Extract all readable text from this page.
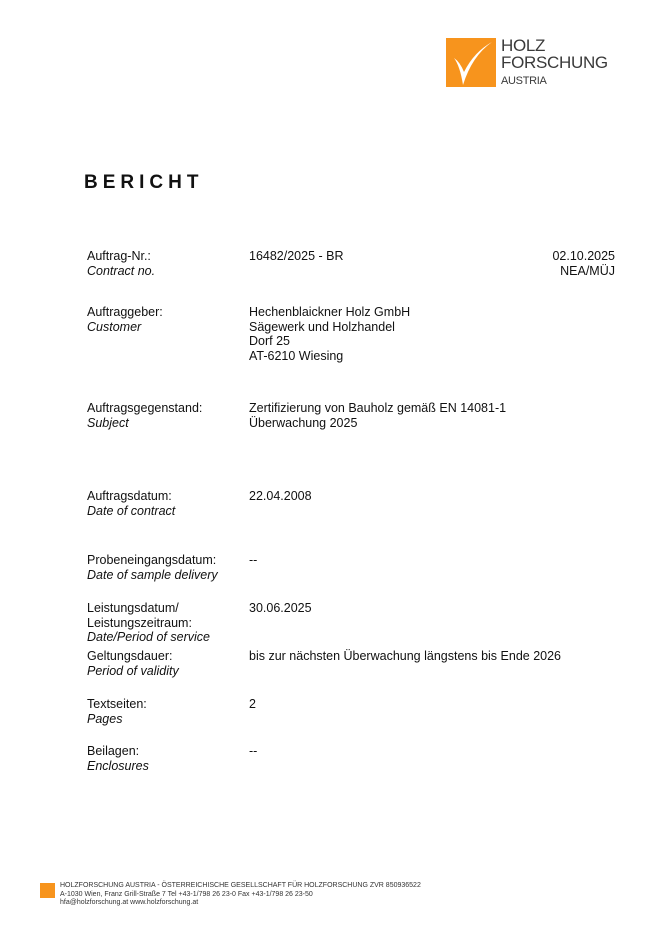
HOLZ
FORSCHUNG
AUSTRIA
BERICHT
Auftrag-Nr.:
Contract no.
16482/2025 - BR
Auftraggeber:
Customer
Hechenblaickner Holz GmbH
Sägewerk und Holzhandel
Dorf 25
AT-6210 Wiesing
Auftragsgegenstand:
Subject
Zertifizierung von Bauholz gemäß EN 14081-1
Überwachung 2025
Auftragsdatum:
Date of contract
22.04.2008
Probeneingangsdatum:
Date of sample delivery
--
Leistungsdatum/
Leistungszeitraum:
Date/Period of service
30.06.2025
Geltungsdauer:
Period of validity
bis zur nächsten Überwachung längstens bis Ende 2026
Textseiten:
Pages
2
Beilagen:
Enclosures
--
02.10.2025
NEA/MÜJ
HOLZFORSCHUNG AUSTRIA - ÖSTERREICHISCHE GESELLSCHAFT FÜR HOLZFORSCHUNG ZVR 850936522
A-1030 Wien, Franz Grill-Straße 7 Tel +43-1/798 26 23-0 Fax +43-1/798 26 23-50
hfa@holzforschung.at www.holzforschung.at
